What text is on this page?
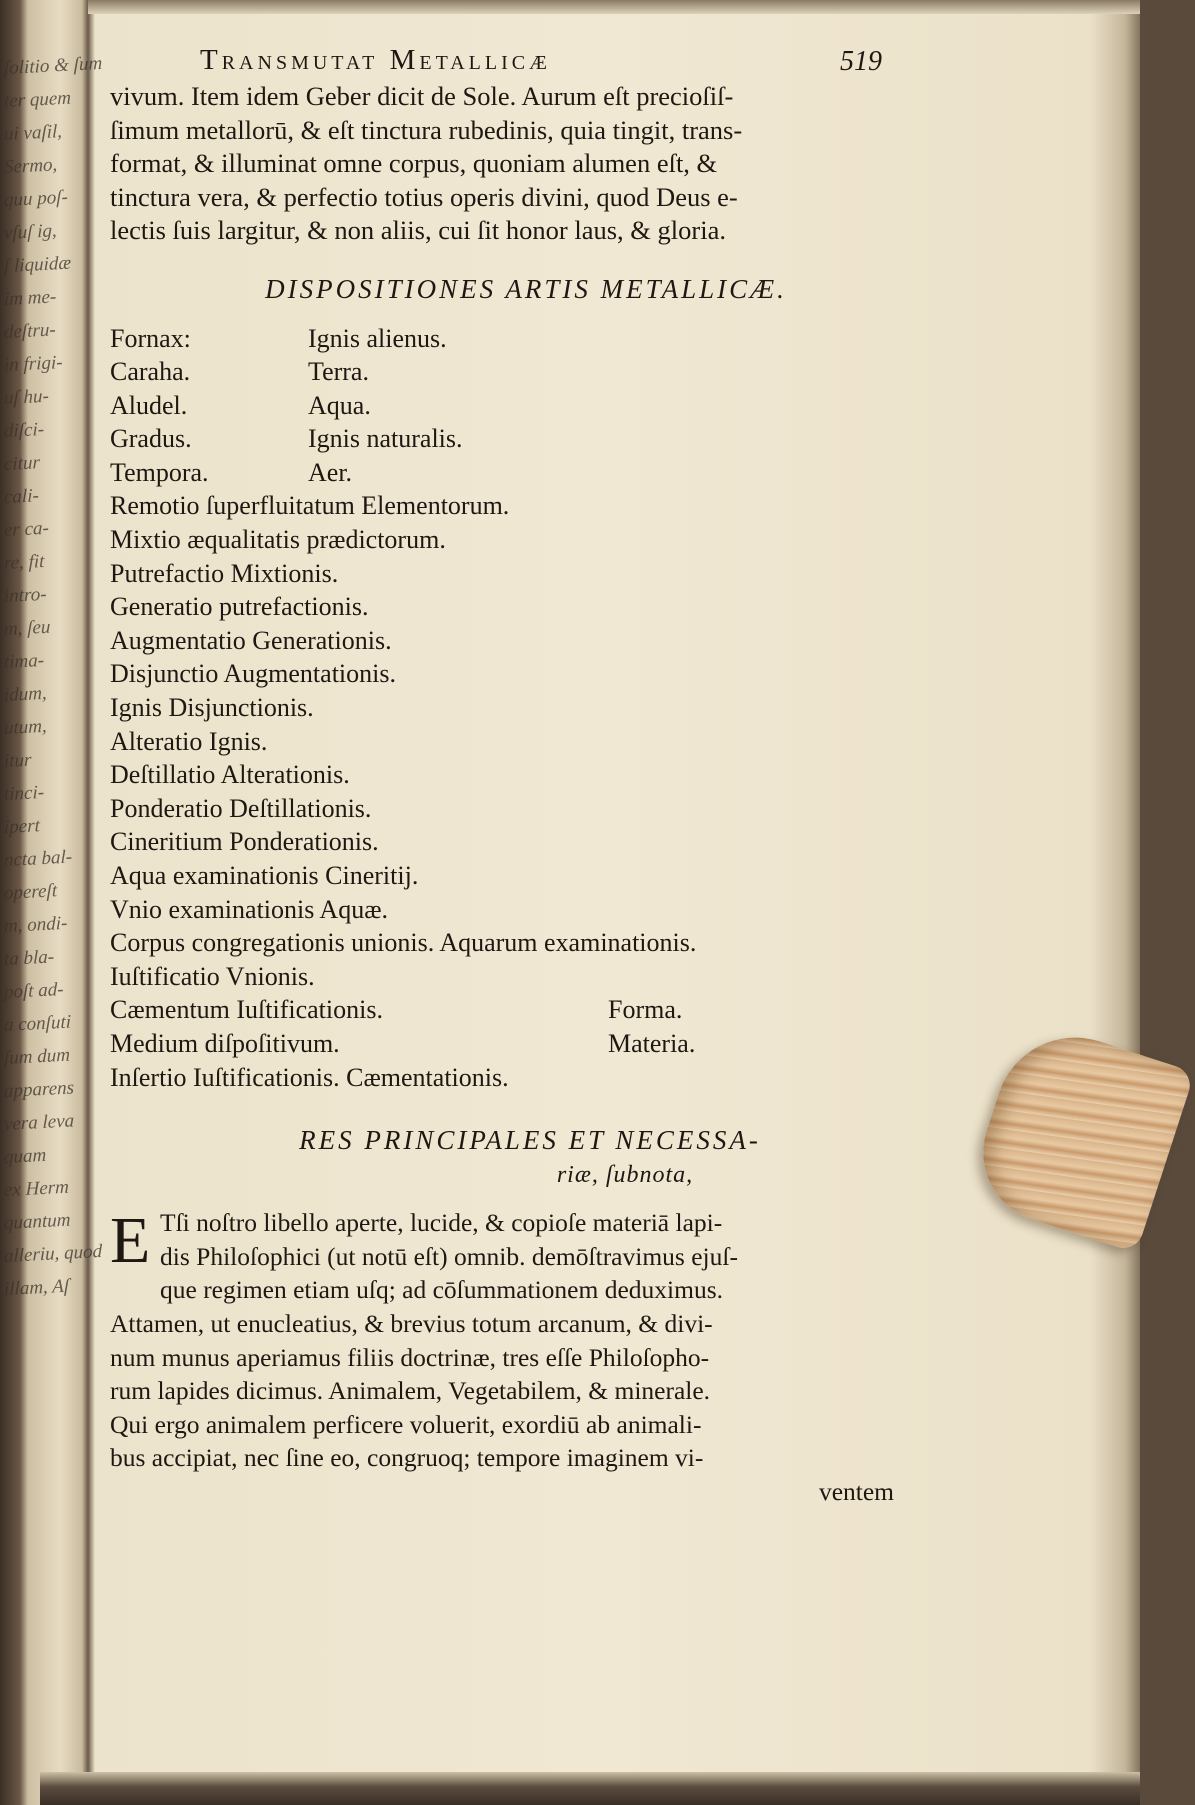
ſolitio & ſum
ter quem
ui vaſil,
Sermo,
quu poſ-
vſuſ ig,
ſ liquidæ
im me-
deſtru-
in frigi-
uſ hu-
diſci-
citur
cali-
er ca-
re, fit
intro-
m, ſeu
tima-
idum,
utum,
itur
tinci-
ipert
ncta bal-
opereſt
m, ondi-
ta bla-
poſt ad-
a conſuti
ſum dum
apparens
vera leva
quam
ex Herm
quantum
alleriu, quod
illam, Aſ
Transmutat Metallicæ	519
vivum. Item idem Geber dicit de Sole. Aurum eſt precioſiſ-
ſimum metallorū, & eſt tinctura rubedinis, quia tingit, trans-
format, & illuminat omne corpus, quoniam alumen eſt, &
tinctura vera, & perfectio totius operis divini, quod Deus e-
lectis ſuis largitur, & non aliis, cui ſit honor laus, & gloria.
DISPOSITIONES ARTIS METALLICÆ.
Fornax:	Ignis alienus.
Caraha.	Terra.
Aludel.	Aqua.
Gradus.	Ignis naturalis.
Tempora.	Aer.
Remotio ſuperfluitatum Elementorum.
Mixtio æqualitatis prædictorum.
Putrefactio Mixtionis.
Generatio putrefactionis.
Augmentatio Generationis.
Disjunctio Augmentationis.
Ignis Disjunctionis.
Alteratio Ignis.
Deſtillatio Alterationis.
Ponderatio Deſtillationis.
Cineritium Ponderationis.
Aqua examinationis Cineritij.
Vnio examinationis Aquæ.
Corpus congregationis unionis. Aquarum examinationis.
Iuſtificatio Vnionis.
Cæmentum Iuſtificationis.	Forma.
Medium diſpoſitivum.	Materia.
Inſertio Iuſtificationis. Cæmentationis.
RES PRINCIPALES ET NECESSA-
riæ, ſubnota,
E Tſi noſtro libello aperte, lucide, & copioſe materiā lapi-
dis Philoſophici (ut notū eſt) omnib. demōſtravimus ejuſ-
que regimen etiam uſq; ad cōſummationem deduximus.
Attamen, ut enucleatius, & brevius totum arcanum, & divi-
num munus aperiamus filiis doctrinæ, tres eſſe Philoſopho-
rum lapides dicimus. Animalem, Vegetabilem, & minerale.
Qui ergo animalem perficere voluerit, exordiū ab animali-
bus accipiat, nec ſine eo, congruoq; tempore imaginem vi-
ventem
